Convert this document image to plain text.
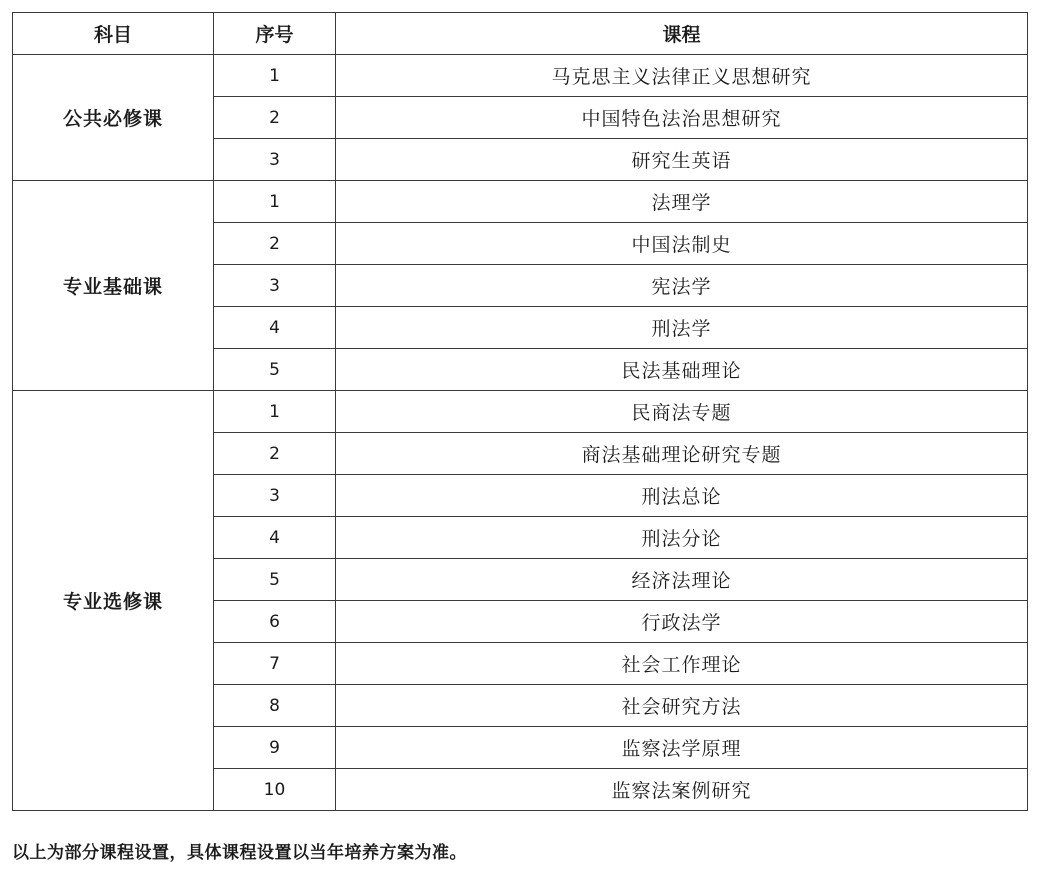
科目	序号	课程
公共必修课	1	马克思主义法律正义思想研究
	2	中国特色法治思想研究
	3	研究生英语
专业基础课	1	法理学
	2	中国法制史
	3	宪法学
	4	刑法学
	5	民法基础理论
专业选修课	1	民商法专题
	2	商法基础理论研究专题
	3	刑法总论
	4	刑法分论
	5	经济法理论
	6	行政法学
	7	社会工作理论
	8	社会研究方法
	9	监察法学原理
	10	监察法案例研究
以上为部分课程设置，具体课程设置以当年培养方案为准。
